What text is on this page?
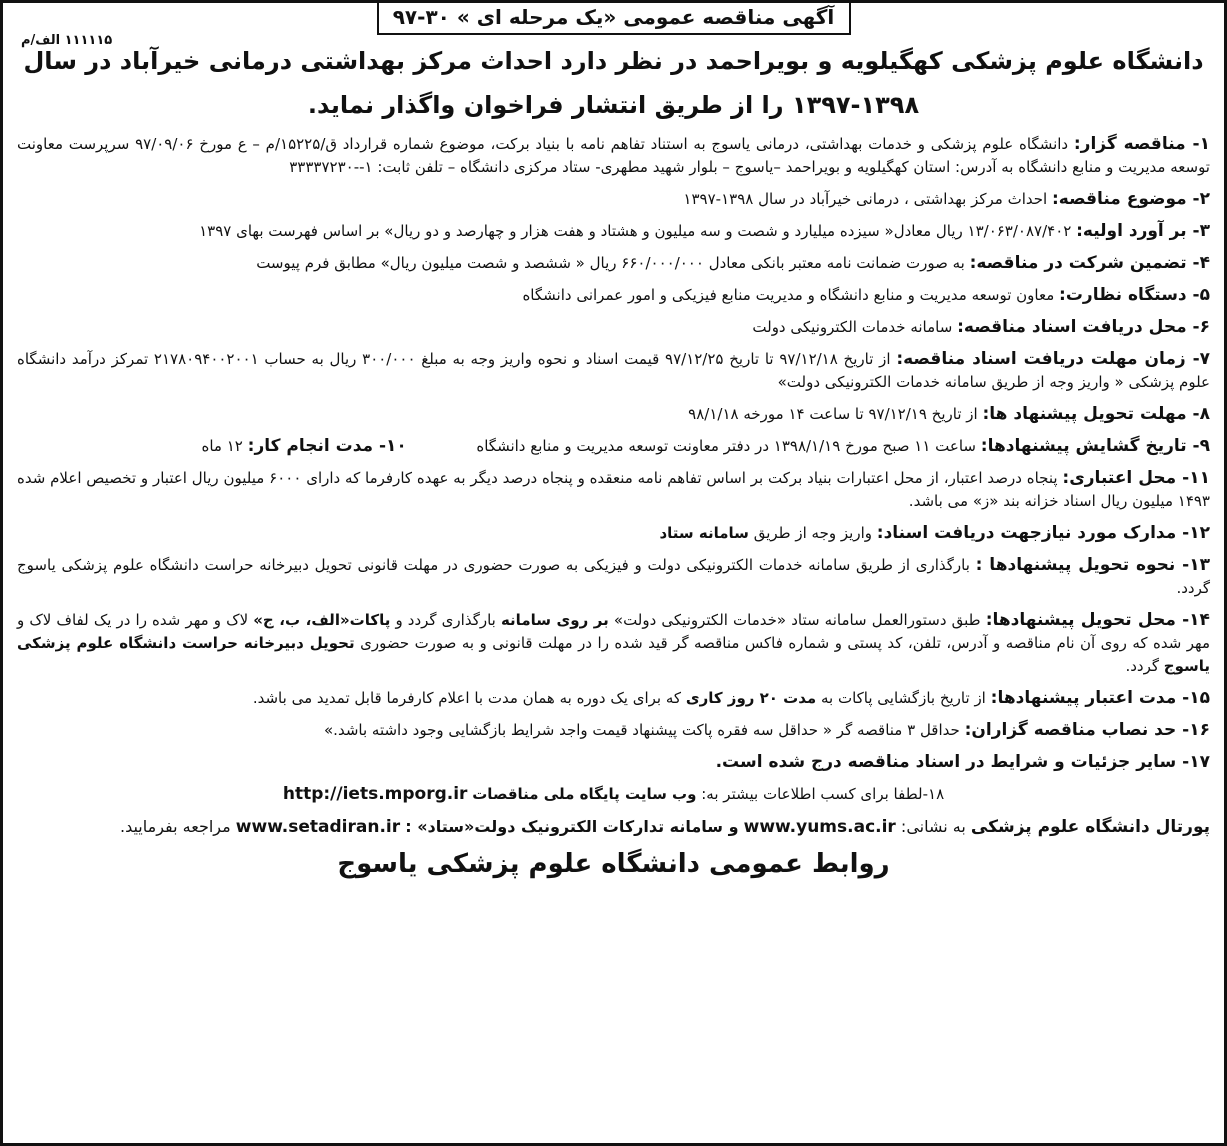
۱۱۱۱۱۵ الف/م
آگهی مناقصه عمومی «یک مرحله ای » ۳۰-۹۷
دانشگاه علوم پزشکی کهگیلویه و بویراحمد در نظر دارد احداث مرکز بهداشتی درمانی خیرآباد در سال
۱۳۹۷-۱۳۹۸ را از طریق انتشار فراخوان واگذار نماید.

۱- مناقصه گزار: دانشگاه علوم پزشکی و خدمات بهداشتی، درمانی یاسوج به استناد تفاهم نامه با بنیاد برکت، موضوع شماره قرارداد ق/۱۵۲۲۵/م – ع مورخ ۹۷/۰۹/۰۶ سرپرست معاونت توسعه مدیریت و منابع دانشگاه به آدرس: استان کهگیلویه و بویراحمد –یاسوج – بلوار شهید مطهری- ستاد مرکزی دانشگاه – تلفن ثابت: ۱--۳۳۳۳۷۲۳۰

۲- موضوع مناقصه: احداث مرکز بهداشتی ، درمانی خیرآباد در سال ۱۳۹۸-۱۳۹۷

۳- بر آورد اولیه: ۱۳/۰۶۳/۰۸۷/۴۰۲ ریال معادل« سیزده میلیارد و شصت و سه میلیون و هشتاد و هفت هزار و چهارصد و دو ریال» بر اساس فهرست بهای ۱۳۹۷

۴- تضمین شرکت در مناقصه: به صورت ضمانت نامه معتبر بانکی معادل ۶۶۰/۰۰۰/۰۰۰ ریال « ششصد و شصت میلیون ریال» مطابق فرم پیوست

۵- دستگاه نظارت: معاون توسعه مدیریت و منابع دانشگاه و مدیریت منابع فیزیکی و امور عمرانی دانشگاه

۶- محل دریافت اسناد مناقصه: سامانه خدمات الکترونیکی دولت

۷- زمان مهلت دریافت اسناد مناقصه: از تاریخ ۹۷/۱۲/۱۸ تا تاریخ ۹۷/۱۲/۲۵ قیمت اسناد و نحوه واریز وجه به مبلغ ۳۰۰/۰۰۰ ریال به حساب ۲۱۷۸۰۹۴۰۰۲۰۰۱ تمرکز درآمد دانشگاه علوم پزشکی « واریز وجه از طریق سامانه خدمات الکترونیکی دولت»

۸- مهلت تحویل پیشنهاد ها: از تاریخ ۹۷/۱۲/۱۹ تا ساعت ۱۴ مورخه ۹۸/۱/۱۸

۹- تاریخ گشایش پیشنهادها: ساعت ۱۱ صبح مورخ ۱۳۹۸/۱/۱۹ در دفتر معاونت توسعه مدیریت و منابع دانشگاه  ۱۰- مدت انجام کار: ۱۲ ماه

۱۱- محل اعتباری: پنجاه درصد اعتبار، از محل اعتبارات بنیاد برکت بر اساس تفاهم نامه منعقده و پنجاه درصد دیگر به عهده کارفرما که دارای ۶۰۰۰ میلیون ریال اعتبار و تخصیص اعلام شده ۱۴۹۳ میلیون ریال اسناد خزانه بند «ز» می باشد.

۱۲- مدارک مورد نیازجهت دریافت اسناد: واریز وجه از طریق سامانه ستاد

۱۳- نحوه تحویل پیشنهادها : بارگذاری از طریق سامانه خدمات الکترونیکی دولت و فیزیکی به صورت حضوری در مهلت قانونی تحویل دبیرخانه حراست دانشگاه علوم پزشکی یاسوج گردد.

۱۴- محل تحویل پیشنهادها: طبق دستورالعمل سامانه ستاد «خدمات الکترونیکی دولت» بر روی سامانه بارگذاری گردد و پاکات«الف، ب، ج» لاک و مهر شده را در یک لفاف لاک و مهر شده که روی آن نام مناقصه و آدرس، تلفن، کد پستی و شماره فاکس مناقصه گر قید شده را در مهلت قانونی و به صورت حضوری تحویل دبیرخانه حراست دانشگاه علوم پزشکی یاسوج گردد.

۱۵- مدت اعتبار پیشنهادها: از تاریخ بازگشایی پاکات به مدت ۲۰ روز کاری که برای یک دوره به همان مدت با اعلام کارفرما قابل تمدید می باشد.

۱۶- حد نصاب مناقصه گزاران: حداقل ۳ مناقصه گر « حداقل سه فقره پاکت پیشنهاد قیمت واجد شرایط بازگشایی وجود داشته باشد.»

۱۷- سایر جزئیات و شرایط در اسناد مناقصه درج شده است.

۱۸-لطفا برای کسب اطلاعات بیشتر به: وب سایت پایگاه ملی مناقصات http://iets.mporg.ir

پورتال دانشگاه علوم پزشکی به نشانی: www.yums.ac.ir و سامانه تدارکات الکترونیک دولت«ستاد» : www.setadiran.ir مراجعه بفرمایید.

روابط عمومی دانشگاه علوم پزشکی یاسوج
